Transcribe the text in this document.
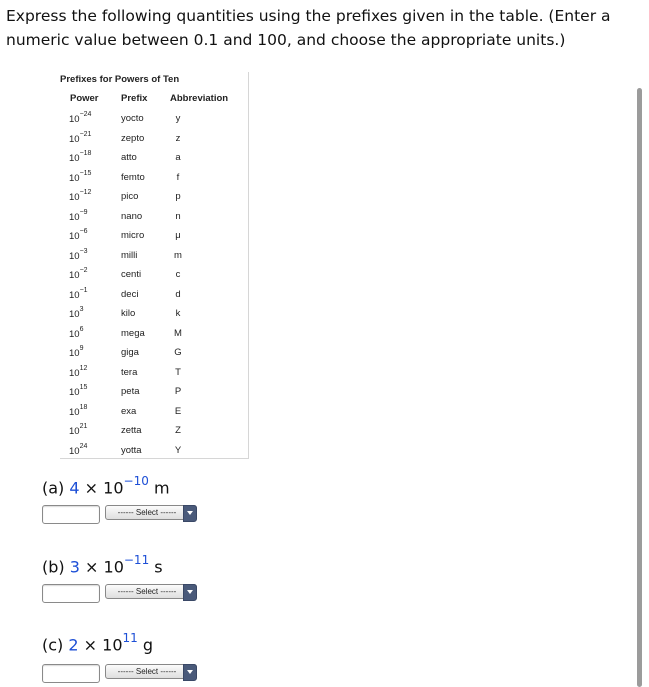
Express the following quantities using the prefixes given in the table. (Enter a numeric value between 0.1 and 100, and choose the appropriate units.)
Prefixes for Powers of Ten
Power Prefix Abbreviation
$10^{-24}$	yocto	y
$10^{-21}$	zepto	z
$10^{-18}$	atto	a
$10^{-15}$	femto	f
$10^{-12}$	pico	p
$10^{-9}$	nano	n
$10^{-6}$	micro	μ
$10^{-3}$	milli	m
$10^{-2}$	centi	c
$10^{-1}$	deci	d
$10^3$	kilo	k
$10^6$	mega	M
$10^9$	giga	G
$10^{12}$	tera	T
$10^{15}$	peta	P
$10^{18}$	exa	E
$10^{21}$	zetta	Z
$10^{24}$	yotta	Y
(a) $4 \times 10^{-10}$ m
------ Select ------
(b) $3 \times 10^{-11}$ s
------ Select ------
(c) $2 \times 10^{11}$ g
------ Select ------
